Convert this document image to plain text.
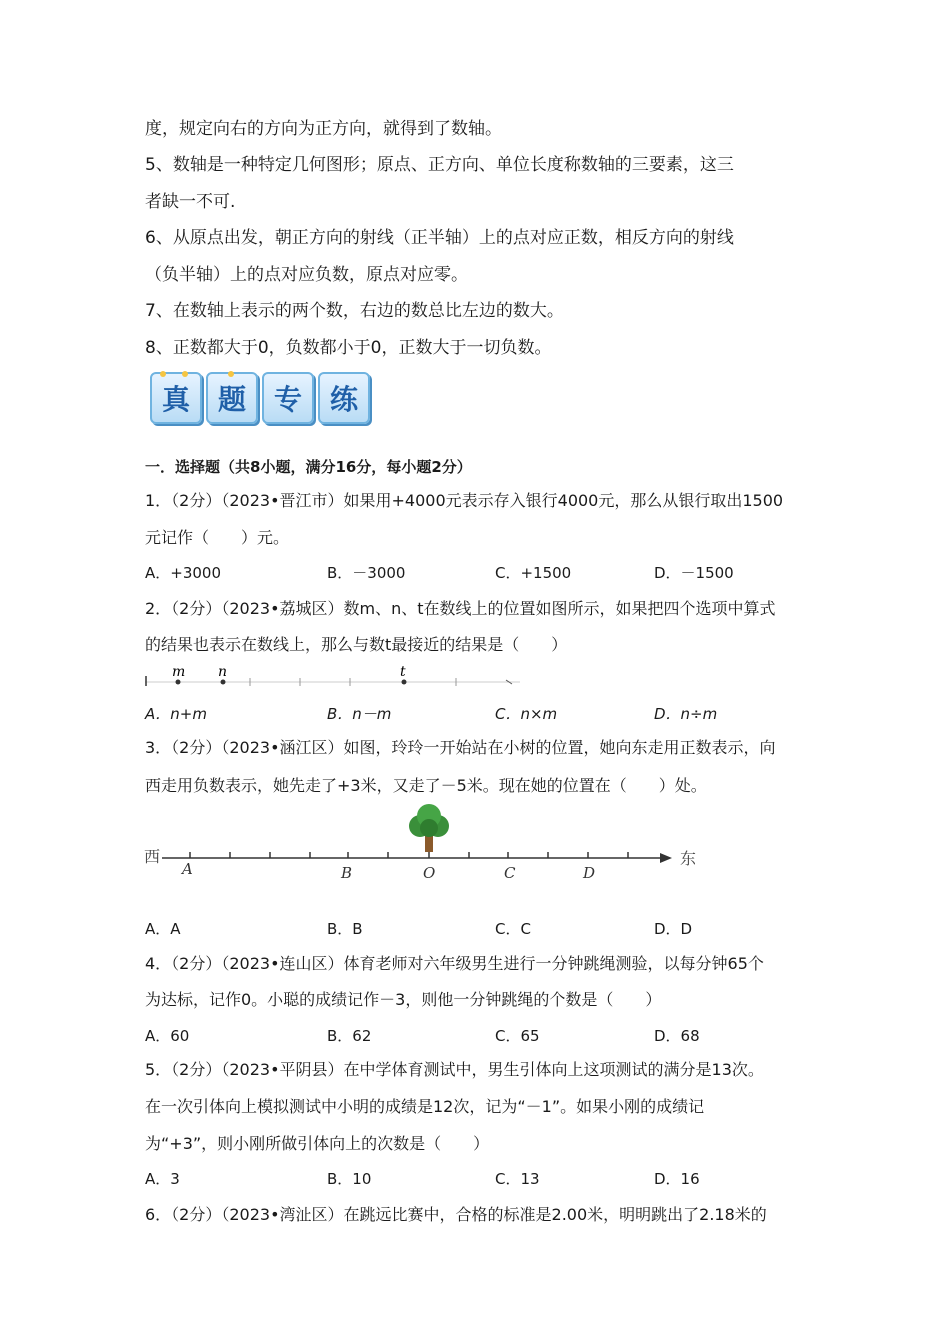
度，规定向右的方向为正方向，就得到了数轴。
5、数轴是一种特定几何图形；原点、正方向、单位长度称数轴的三要素，这三
者缺一不可.
6、从原点出发，朝正方向的射线（正半轴）上的点对应正数，相反方向的射线
（负半轴）上的点对应负数，原点对应零。
7、在数轴上表示的两个数，右边的数总比左边的数大。
8、正数都大于0，负数都小于0，正数大于一切负数。
真 题 专 练
一．选择题（共8小题，满分16分，每小题2分）
1．（2分）（2023•晋江市）如果用+4000元表示存入银行4000元，那么从银行取出1500
元记作（　　）元。
A．+3000	B．－3000	C．+1500	D．－1500
2．（2分）（2023•荔城区）数m、n、t在数线上的位置如图所示，如果把四个选项中算式
的结果也表示在数线上，那么与数t最接近的结果是（　　）
m n	t
A．n+m	B．n－m	C．n×m	D．n÷m
3．（2分）（2023•涵江区）如图，玲玲一开始站在小树的位置，她向东走用正数表示，向
西走用负数表示，她先走了+3米，又走了－5米。现在她的位置在（　　）处。
西	东
A	B	O	C	D
A．A	B．B	C．C	D．D
4．（2分）（2023•连山区）体育老师对六年级男生进行一分钟跳绳测验，以每分钟65个
为达标，记作0。小聪的成绩记作－3，则他一分钟跳绳的个数是（　　）
A．60	B．62	C．65	D．68
5．（2分）（2023•平阴县）在中学体育测试中，男生引体向上这项测试的满分是13次。
在一次引体向上模拟测试中小明的成绩是12次，记为“－1”。如果小刚的成绩记
为“+3”，则小刚所做引体向上的次数是（　　）
A．3	B．10	C．13	D．16
6．（2分）（2023•湾沚区）在跳远比赛中，合格的标准是2.00米，明明跳出了2.18米的
